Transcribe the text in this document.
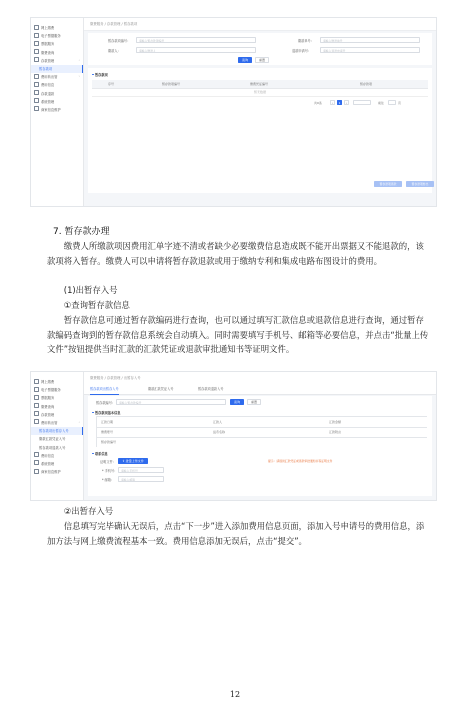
网上缴费
电子票据服务
票据服务
缴费查询
存款管理	˄
暂存款项
费用转出管	˅
费用信息
存款退款
系统管理
商家信息维护
缴费服务 / 存款管理 / 暂存款项
暂存款项编号：	请输入暂存款项编号	缴款单号：	请输入缴款单号
缴款人：	请输入缴款人	退款申请号：	请输入退款申请号
查询	重置
暂存款项
序号	暂存款项编号	缴费凭证编号	暂存款项
暂无数据
共0条	‹	1	›	前往	页
暂存款项退款	暂存款项转出
7. 暂存款办理
缴费人所缴款项因费用汇单字迹不清或者缺少必要缴费信息造成既不能开出票据又不能退款的，该款项将入暂存。缴费人可以申请将暂存款退款或用于缴纳专利和集成电路布图设计的费用。
(1)出暂存入号
①查询暂存款信息
暂存款信息可通过暂存款编码进行查询，也可以通过填写汇款信息或退款信息进行查询，通过暂存款编码查询到的暂存款信息系统会自动填入。同时需要填写手机号、邮箱等必要信息，并点击“批量上传文件”按钮提供当时汇款的汇款凭证或退款审批通知书等证明文件。
网上缴费
电子票据服务
票据服务
缴费查询
存款管理
费用转出管	˄
暂存款项出暂存入号
缴款汇款凭证入号
暂存款项退款入号
费用信息
系统管理
商家信息维护
缴费服务 / 存款管理 / 出暂存入号
暂存款项出暂存入号	缴款汇款凭证入号	暂存款项退款入号
暂存款编号：	请输入暂存款编号	查询	重置
暂存款项基本信息
汇款日期	汇款人	汇款金额
缴费账号	货币名称	汇款附言
暂存款编号
联系信息
证明文件：	⇪ 批量上传文件	提示：请提供汇款凭证或退款审批通知书等证明文件
* 手机号：	请输入手机号
* 邮箱：	请输入邮箱
②出暂存入号
信息填写完毕确认无误后，点击“下一步”进入添加费用信息页面，添加入号申请号的费用信息，添加方法与网上缴费流程基本一致。费用信息添加无误后，点击“提交”。
12
